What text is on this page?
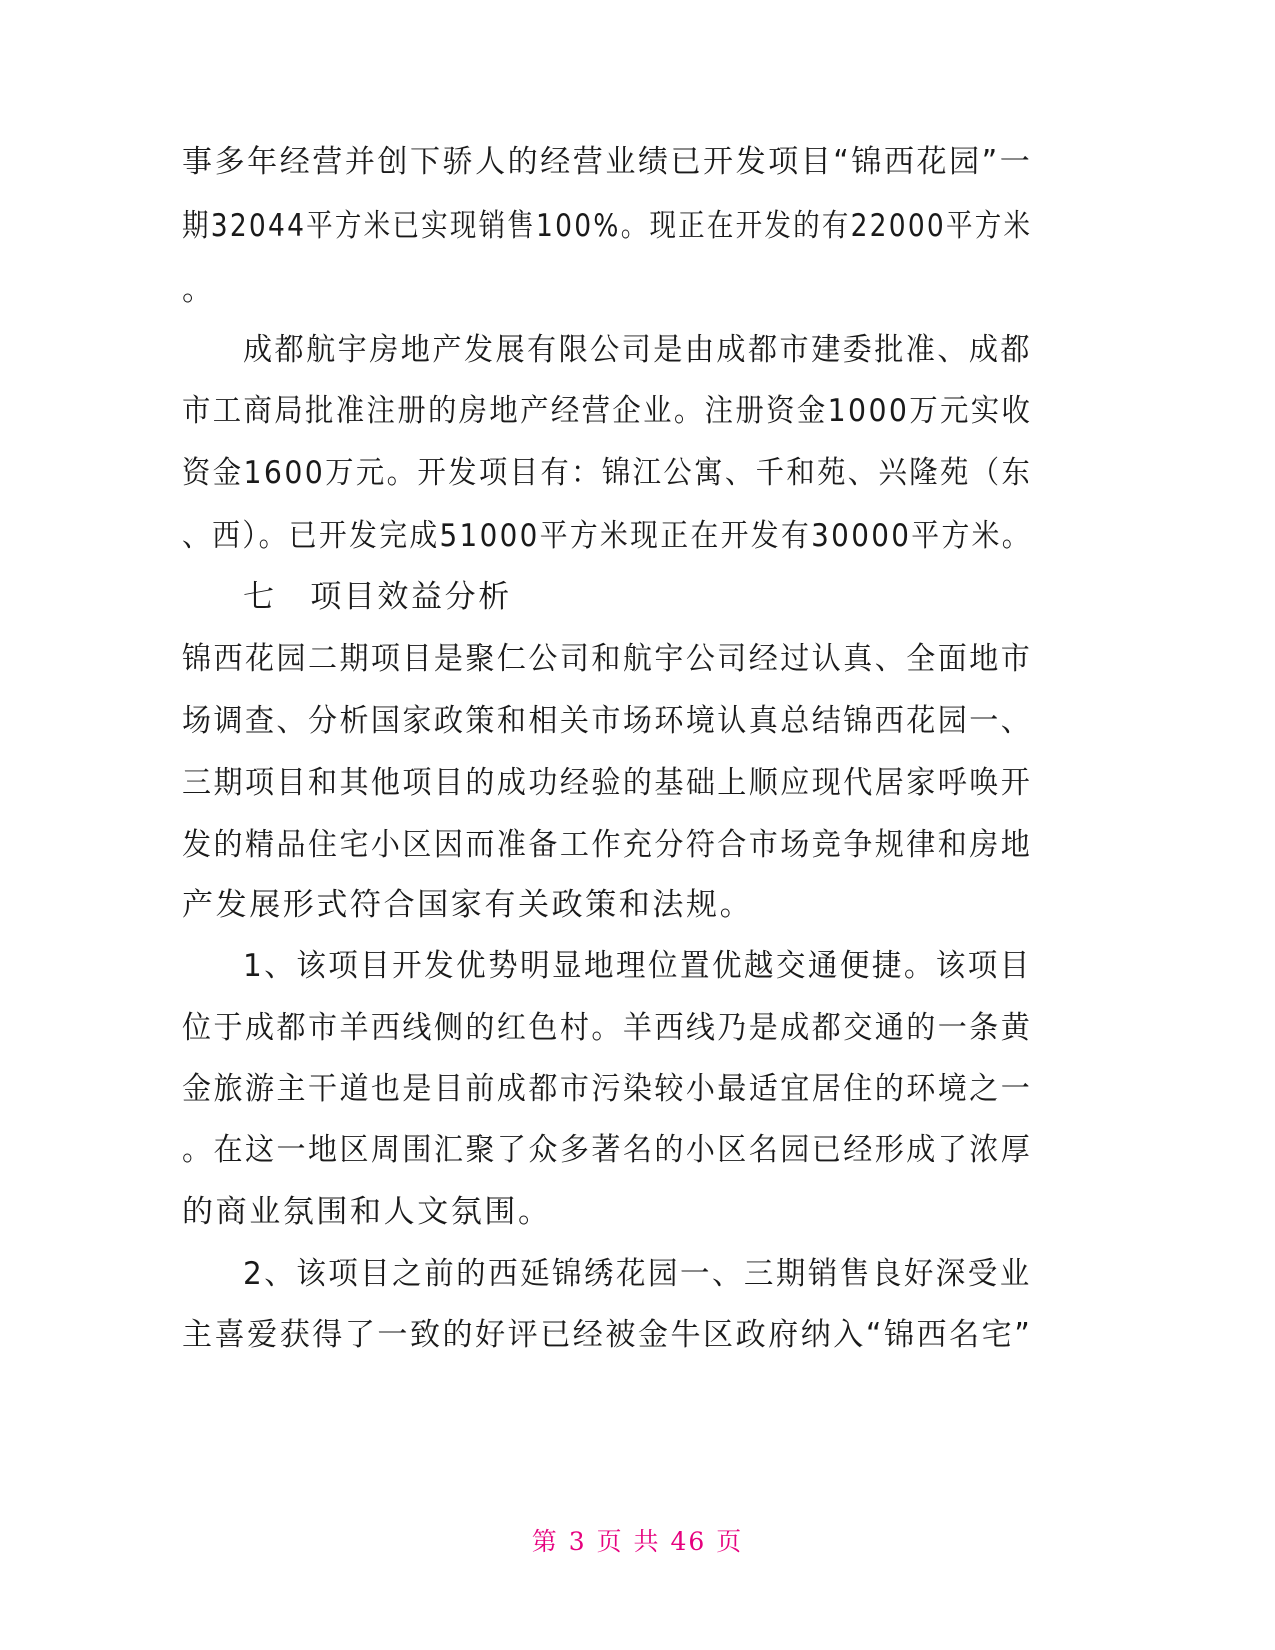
事多年经营并创下骄人的经营业绩已开发项目“锦西花园”一
期32044平方米已实现销售100%。现正在开发的有22000平方米
。
成都航宇房地产发展有限公司是由成都市建委批准、成都
市工商局批准注册的房地产经营企业。注册资金1000万元实收
资金1600万元。开发项目有：锦江公寓、千和苑、兴隆苑（东
、西）。已开发完成51000平方米现正在开发有30000平方米。
七　项目效益分析
锦西花园二期项目是聚仁公司和航宇公司经过认真、全面地市
场调查、分析国家政策和相关市场环境认真总结锦西花园一、
三期项目和其他项目的成功经验的基础上顺应现代居家呼唤开
发的精品住宅小区因而准备工作充分符合市场竞争规律和房地
产发展形式符合国家有关政策和法规。
1、该项目开发优势明显地理位置优越交通便捷。该项目
位于成都市羊西线侧的红色村。羊西线乃是成都交通的一条黄
金旅游主干道也是目前成都市污染较小最适宜居住的环境之一
。在这一地区周围汇聚了众多著名的小区名园已经形成了浓厚
的商业氛围和人文氛围。
2、该项目之前的西延锦绣花园一、三期销售良好深受业
主喜爱获得了一致的好评已经被金牛区政府纳入“锦西名宅”
第 3 页 共 46 页
